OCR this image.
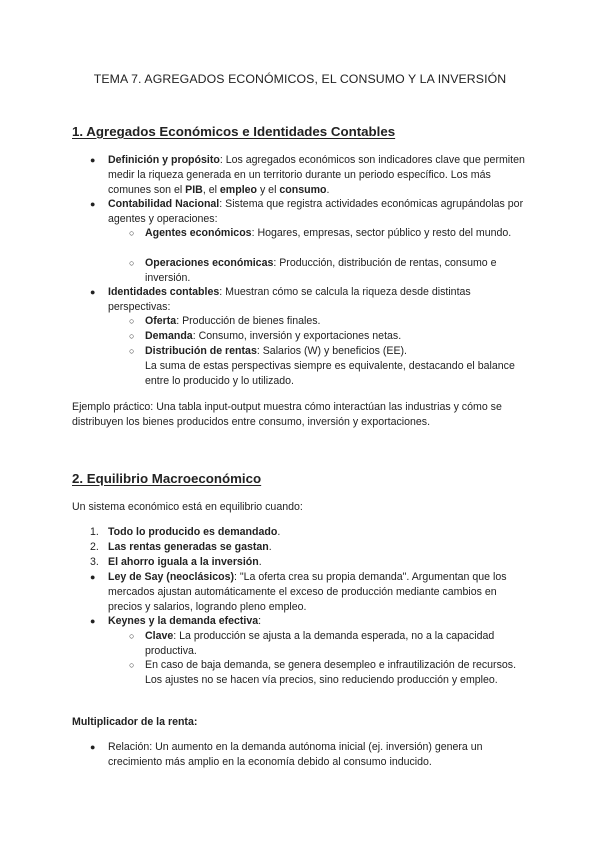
TEMA 7. AGREGADOS ECONÓMICOS, EL CONSUMO Y LA INVERSIÓN
1. Agregados Económicos e Identidades Contables
● Definición y propósito: Los agregados económicos son indicadores clave que permiten medir la riqueza generada en un territorio durante un periodo específico. Los más comunes son el PIB, el empleo y el consumo.

● Contabilidad Nacional: Sistema que registra actividades económicas agrupándolas por agentes y operaciones:

○ Agentes económicos: Hogares, empresas, sector público y resto del mundo.

○ Operaciones económicas: Producción, distribución de rentas, consumo e inversión.

● Identidades contables: Muestran cómo se calcula la riqueza desde distintas perspectivas:

○ Oferta: Producción de bienes finales.

○ Demanda: Consumo, inversión y exportaciones netas.

○ Distribución de rentas: Salarios (W) y beneficios (EE).

La suma de estas perspectivas siempre es equivalente, destacando el balance entre lo producido y lo utilizado.

Ejemplo práctico: Una tabla input-output muestra cómo interactúan las industrias y cómo se distribuyen los bienes producidos entre consumo, inversión y exportaciones.
2. Equilibrio Macroeconómico
Un sistema económico está en equilibrio cuando:
1. Todo lo producido es demandado.

2. Las rentas generadas se gastan.

3. El ahorro iguala a la inversión.

● Ley de Say (neoclásicos): "La oferta crea su propia demanda". Argumentan que los mercados ajustan automáticamente el exceso de producción mediante cambios en precios y salarios, logrando pleno empleo.

● Keynes y la demanda efectiva:

○ Clave: La producción se ajusta a la demanda esperada, no a la capacidad productiva.

○ En caso de baja demanda, se genera desempleo e infrautilización de recursos. Los ajustes no se hacen vía precios, sino reduciendo producción y empleo.

Multiplicador de la renta:
● Relación: Un aumento en la demanda autónoma inicial (ej. inversión) genera un crecimiento más amplio en la economía debido al consumo inducido.
